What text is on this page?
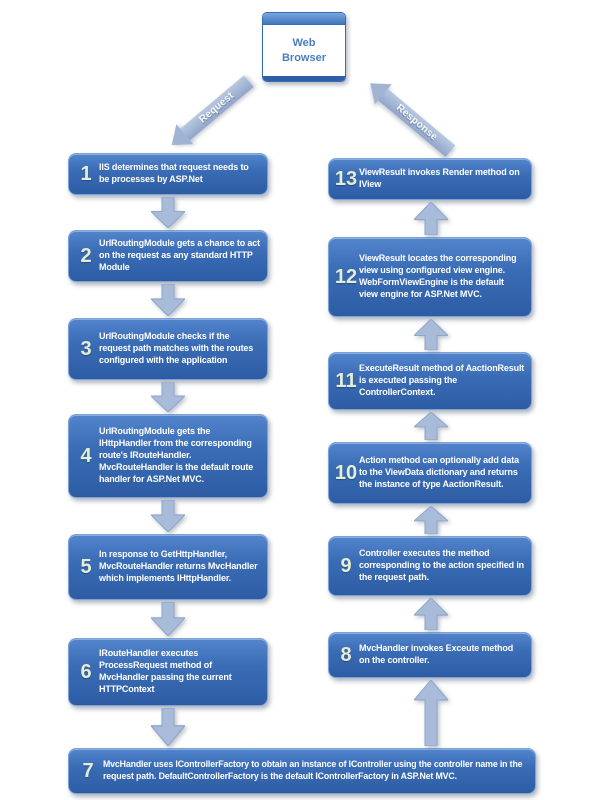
Web Browser
Request	Response
1 IIS determines that request needs to be processes by ASP.Net
2
UrlRoutingModule gets a chance to act on the request as any standard HTTP Module
3
UrlRoutingModule checks if the request path matches with the routes configured with the application
4
UrlRoutingModule gets the IHttpHandler from the corresponding route's IRouteHandler. MvcRouteHandler is the default route handler for ASP.Net MVC.
5
In response to GetHttpHandler, MvcRouteHandler returns MvcHandler which implements IHttpHandler.
6
IRouteHandler executes ProcessRequest method of MvcHandler passing the current HTTPContext
7	MvcHandler uses IControllerFactory to obtain an instance of IController using the controller name in the request path. DefaultControllerFactory is the default IControllerFactory in ASP.Net MVC.
8 MvcHandler invokes Exceute method on the controller.
9
Controller executes the method corresponding to the action specified in the request path.
10
Action method can optionally add data to the ViewData dictionary and returns the instance of type AactionResult.
11
ExecuteResult method of AactionResult is executed passing the ControllerContext.
12
ViewResult locates the corresponding view using configured view engine. WebFormViewEngine is the default view engine for ASP.Net MVC.
13 ViewResult invokes Render method on IView
